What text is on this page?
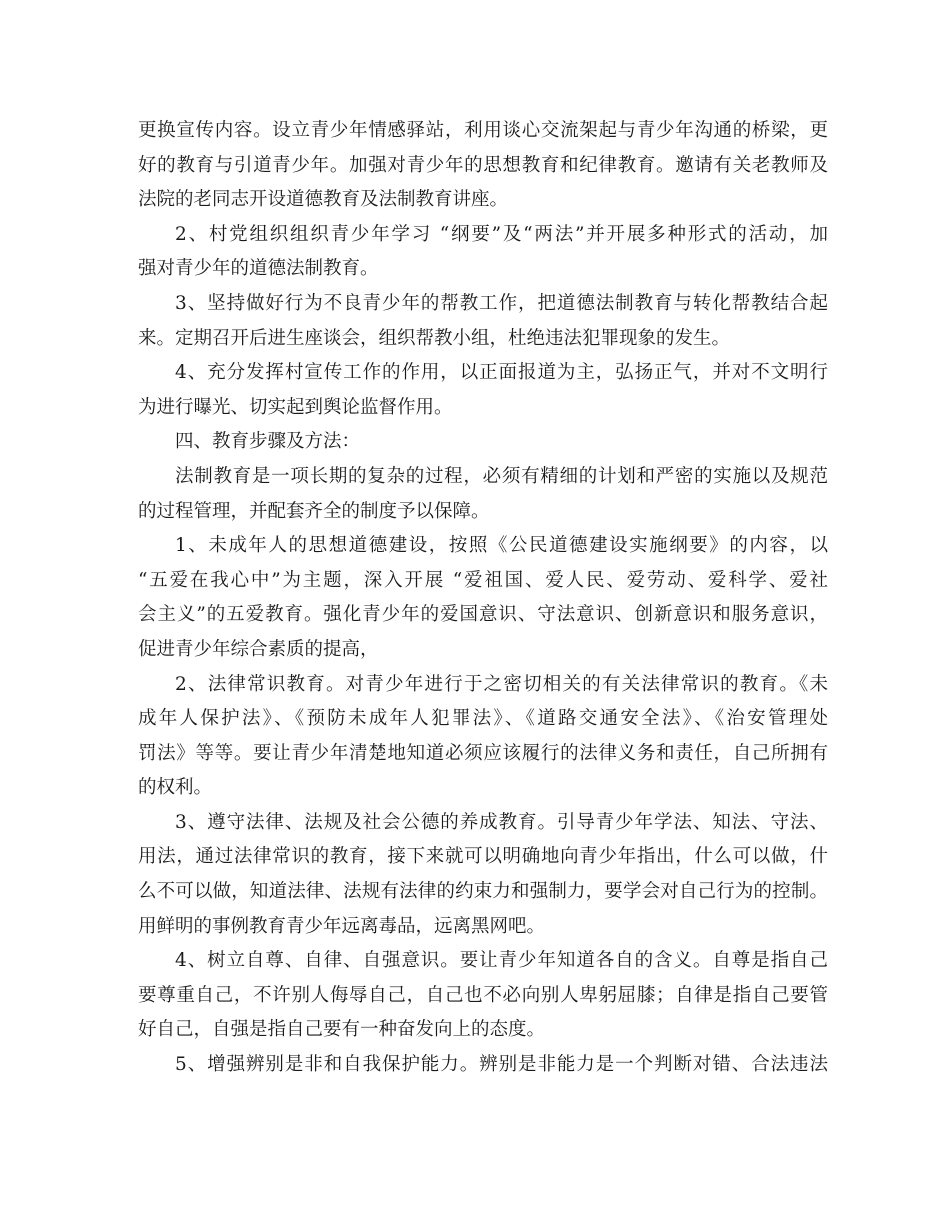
更换宣传内容。设立青少年情感驿站，利用谈心交流架起与青少年沟通的桥梁，更
好的教育与引道青少年。加强对青少年的思想教育和纪律教育。邀请有关老教师及
法院的老同志开设道德教育及法制教育讲座。
2、村党组织组织青少年学习 “纲要”及“两法”并开展多种形式的活动，加
强对青少年的道德法制教育。
3、坚持做好行为不良青少年的帮教工作，把道德法制教育与转化帮教结合起
来。定期召开后进生座谈会，组织帮教小组，杜绝违法犯罪现象的发生。
4、充分发挥村宣传工作的作用，以正面报道为主，弘扬正气，并对不文明行
为进行曝光、切实起到舆论监督作用。
四、教育步骤及方法：
法制教育是一项长期的复杂的过程，必须有精细的计划和严密的实施以及规范
的过程管理，并配套齐全的制度予以保障。
1、未成年人的思想道德建设，按照《公民道德建设实施纲要》的内容，以
“五爱在我心中”为主题，深入开展 “爱祖国、爱人民、爱劳动、爱科学、爱社
会主义”的五爱教育。强化青少年的爱国意识、守法意识、创新意识和服务意识，
促进青少年综合素质的提高，
2、法律常识教育。对青少年进行于之密切相关的有关法律常识的教育。《未
成年人保护法》、《预防未成年人犯罪法》、《道路交通安全法》、《治安管理处
罚法》等等。要让青少年清楚地知道必须应该履行的法律义务和责任，自己所拥有
的权利。
3、遵守法律、法规及社会公德的养成教育。引导青少年学法、知法、守法、
用法，通过法律常识的教育，接下来就可以明确地向青少年指出，什么可以做，什
么不可以做，知道法律、法规有法律的约束力和强制力，要学会对自己行为的控制。
用鲜明的事例教育青少年远离毒品，远离黑网吧。
4、树立自尊、自律、自强意识。要让青少年知道各自的含义。自尊是指自己
要尊重自己，不许别人侮辱自己，自己也不必向别人卑躬屈膝；自律是指自己要管
好自己，自强是指自己要有一种奋发向上的态度。
5、增强辨别是非和自我保护能力。辨别是非能力是一个判断对错、合法违法
